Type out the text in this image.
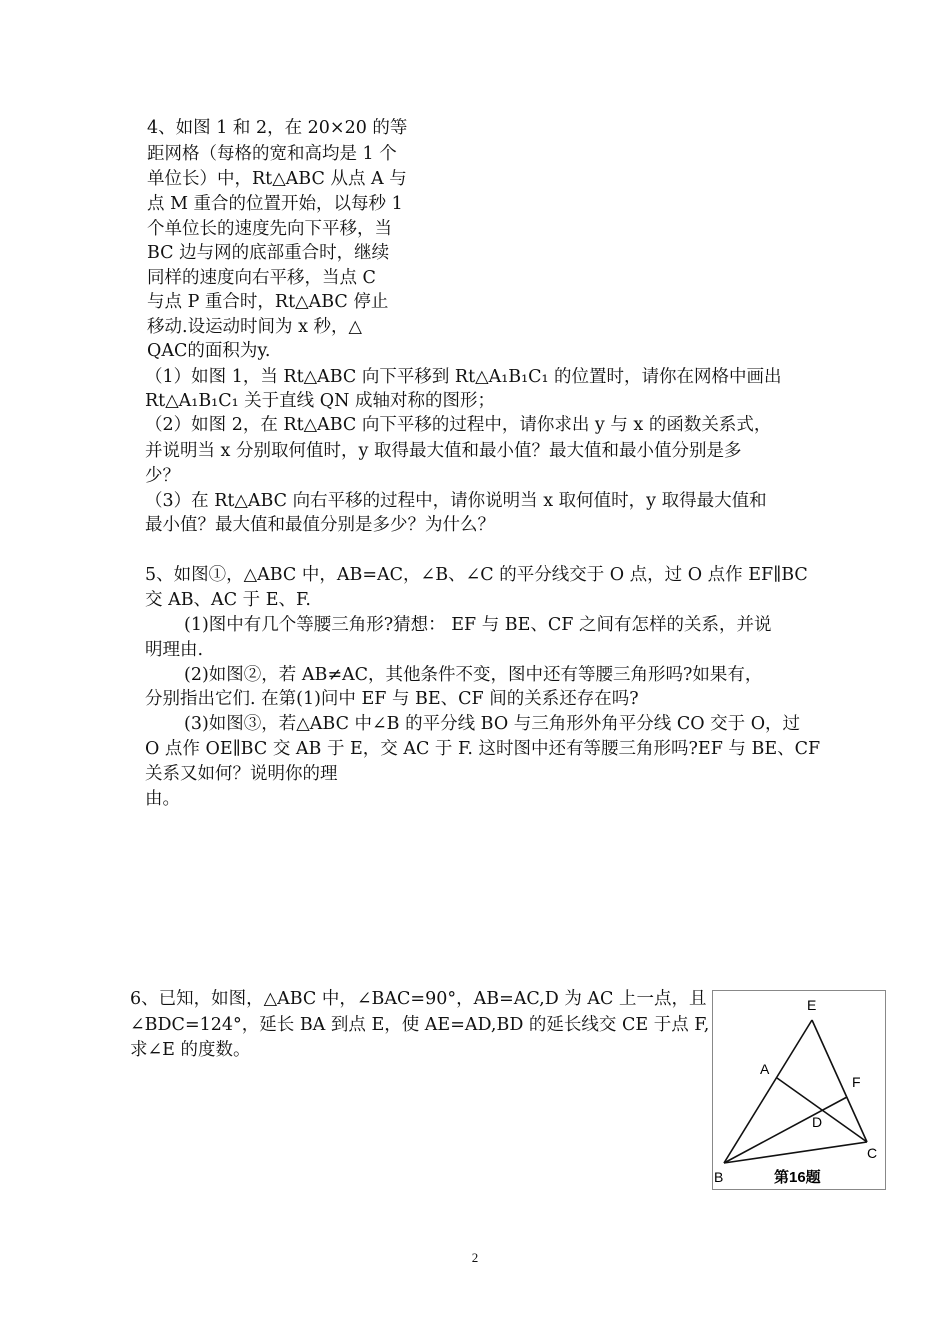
4、如图 1 和 2，在 20×20 的等
距网格（每格的宽和高均是 1 个
单位长）中，Rt△ABC 从点 A 与
点 M 重合的位置开始，以每秒 1
个单位长的速度先向下平移，当
BC 边与网的底部重合时，继续
同样的速度向右平移，当点 C
与点 P 重合时，Rt△ABC 停止
移动.设运动时间为 x 秒，△
QAC的面积为y.
（1）如图 1，当 Rt△ABC 向下平移到 Rt△A₁B₁C₁ 的位置时，请你在网格中画出
Rt△A₁B₁C₁ 关于直线 QN 成轴对称的图形；
（2）如图 2，在 Rt△ABC 向下平移的过程中，请你求出 y 与 x 的函数关系式，
并说明当 x 分别取何值时，y 取得最大值和最小值？最大值和最小值分别是多
少？
（3）在 Rt△ABC 向右平移的过程中，请你说明当 x 取何值时，y 取得最大值和
最小值？最大值和最值分别是多少？为什么？
5、如图①，△ABC 中，AB=AC，∠B、∠C 的平分线交于 O 点，过 O 点作 EF∥BC
交 AB、AC 于 E、F.
(1)图中有几个等腰三角形?猜想： EF 与 BE、CF 之间有怎样的关系，并说
明理由.
(2)如图②，若 AB≠AC，其他条件不变，图中还有等腰三角形吗?如果有，
分别指出它们. 在第(1)问中 EF 与 BE、CF 间的关系还存在吗?
(3)如图③，若△ABC 中∠B 的平分线 BO 与三角形外角平分线 CO 交于 O，过
O 点作 OE∥BC 交 AB 于 E，交 AC 于 F. 这时图中还有等腰三角形吗?EF 与 BE、CF
关系又如何？说明你的理
由。
6、已知，如图，△ABC 中，∠BAC=90°，AB=AC,D 为 AC 上一点，且
∠BDC=124°，延长 BA 到点 E，使 AE=AD,BD 的延长线交 CE 于点 F,
求∠E 的度数。
E
A
F
D
B
C
第16题
2
